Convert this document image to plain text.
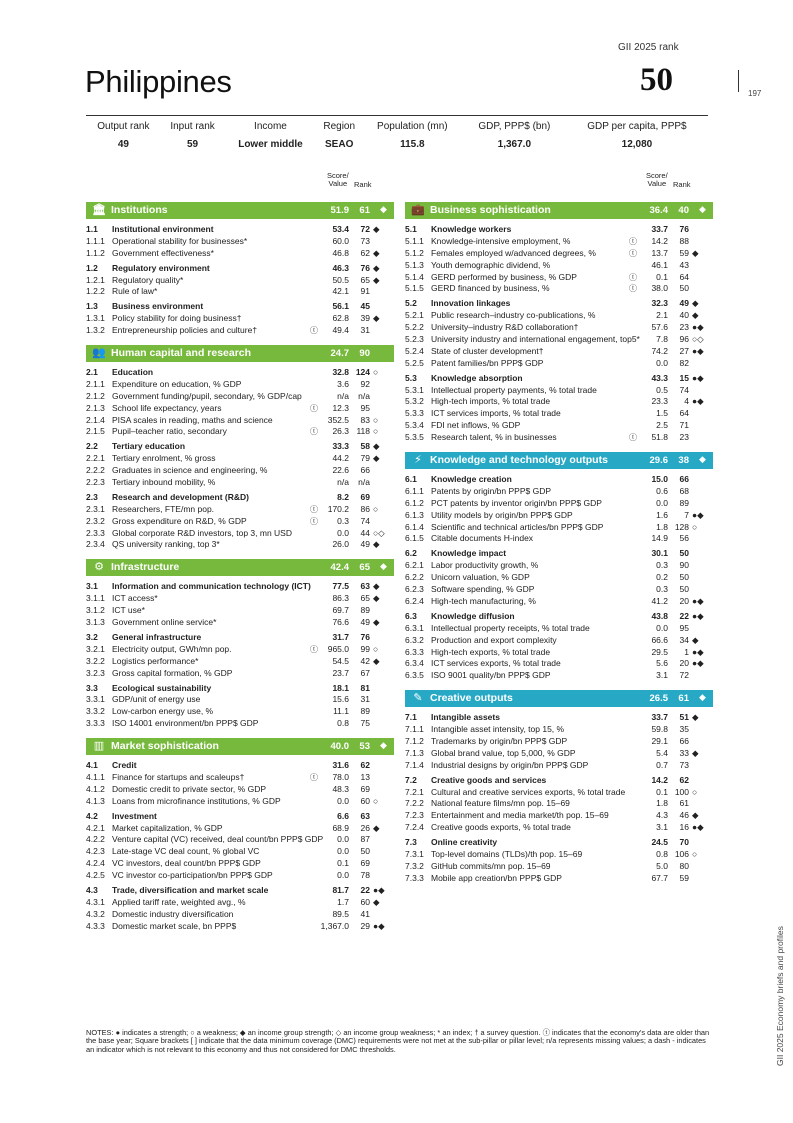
GII 2025 rank
Philippines	50	197
GII 2025 Economy briefs and profiles
Output rank	Input rank	Income	Region	Population (mn)	GDP, PPP$ (bn)	GDP per capita, PPP$
49	59	Lower middle	SEAO	115.8	1,367.0	12,080
Score/
Value Rank
🏛 Institutions	51.9	61 ◆
1.1 Institutional environment	53.4	72 ◆
1.1.1 Operational stability for businesses*	60.0	73
1.1.2 Government effectiveness*	46.8	62 ◆
1.2 Regulatory environment	46.3	76 ◆
1.2.1 Regulatory quality*	50.5	65 ◆
1.2.2 Rule of law*	42.1	91
1.3 Business environment	56.1	45
1.3.1 Policy stability for doing business†	62.8	39 ◆
1.3.2 Entrepreneurship policies and culture†	ⓣ	49.4	31
👥 Human capital and research	24.7	90
2.1 Education	32.8 124 ○
2.1.1 Expenditure on education, % GDP	3.6	92
2.1.2 Government funding/pupil, secondary, % GDP/cap	n/a	n/a
2.1.3 School life expectancy, years	ⓣ	12.3	95
2.1.4 PISA scales in reading, maths and science	352.5	83 ○
2.1.5 Pupil–teacher ratio, secondary	ⓣ	26.3 118 ○
2.2 Tertiary education	33.3	58 ◆
2.2.1 Tertiary enrolment, % gross	44.2	79 ◆
2.2.2 Graduates in science and engineering, %	22.6	66
2.2.3 Tertiary inbound mobility, %	n/a	n/a
2.3 Research and development (R&D)	8.2	69
2.3.1 Researchers, FTE/mn pop.	ⓣ	170.2	86 ○
2.3.2 Gross expenditure on R&D, % GDP	ⓣ	0.3	74
2.3.3 Global corporate R&D investors, top 3, mn USD	0.0	44 ○◇
2.3.4 QS university ranking, top 3*	26.0	49 ◆
⚙ Infrastructure	42.4	65 ◆
3.1 Information and communication technology (ICT)	77.5	63 ◆
3.1.1 ICT access*	86.3	65 ◆
3.1.2 ICT use*	69.7	89
3.1.3 Government online service*	76.6	49 ◆
3.2 General infrastructure	31.7	76
3.2.1 Electricity output, GWh/mn pop.	ⓣ	965.0	99 ○
3.2.2 Logistics performance*	54.5	42 ◆
3.2.3 Gross capital formation, % GDP	23.7	67
3.3 Ecological sustainability	18.1	81
3.3.1 GDP/unit of energy use	15.6	31
3.3.2 Low-carbon energy use, %	11.1	89
3.3.3 ISO 14001 environment/bn PPP$ GDP	0.8	75
▥ Market sophistication	40.0	53 ◆
4.1 Credit	31.6	62
4.1.1 Finance for startups and scaleups†	ⓣ	78.0	13
4.1.2 Domestic credit to private sector, % GDP	48.3	69
4.1.3 Loans from microfinance institutions, % GDP	0.0	60 ○
4.2 Investment	6.6	63
4.2.1 Market capitalization, % GDP	68.9	26 ◆
4.2.2 Venture capital (VC) received, deal count/bn PPP$ GDP	0.0	87
4.2.3 Late-stage VC deal count, % global VC	0.0	50
4.2.4 VC investors, deal count/bn PPP$ GDP	0.1	69
4.2.5 VC investor co-participation/bn PPP$ GDP	0.0	78
4.3 Trade, diversification and market scale	81.7	22 ●◆
4.3.1 Applied tariff rate, weighted avg., %	1.7	60 ◆
4.3.2 Domestic industry diversification	89.5	41
4.3.3 Domestic market scale, bn PPP$	1,367.0	29 ●◆
Score/
Value Rank
💼 Business sophistication	36.4	40 ◆
5.1 Knowledge workers	33.7	76
5.1.1 Knowledge-intensive employment, %	ⓣ	14.2	88
5.1.2 Females employed w/advanced degrees, %	ⓣ	13.7	59 ◆
5.1.3 Youth demographic dividend, %	46.1	43
5.1.4 GERD performed by business, % GDP	ⓣ	0.1	64
5.1.5 GERD financed by business, %	ⓣ	38.0	50
5.2 Innovation linkages	32.3	49 ◆
5.2.1 Public research–industry co-publications, %	2.1	40 ◆
5.2.2 University–industry R&D collaboration†	57.6	23 ●◆
5.2.3 University industry and international engagement, top5*	7.8	96 ○◇
5.2.4 State of cluster development†	74.2	27 ●◆
5.2.5 Patent families/bn PPP$ GDP	0.0	82
5.3 Knowledge absorption	43.3	15 ●◆
5.3.1 Intellectual property payments, % total trade	0.5	74
5.3.2 High-tech imports, % total trade	23.3	4 ●◆
5.3.3 ICT services imports, % total trade	1.5	64
5.3.4 FDI net inflows, % GDP	2.5	71
5.3.5 Research talent, % in businesses	ⓣ	51.8	23
⚡ Knowledge and technology outputs	29.6	38 ◆
6.1 Knowledge creation	15.0	66
6.1.1 Patents by origin/bn PPP$ GDP	0.6	68
6.1.2 PCT patents by inventor origin/bn PPP$ GDP	0.0	89
6.1.3 Utility models by origin/bn PPP$ GDP	1.6	7 ●◆
6.1.4 Scientific and technical articles/bn PPP$ GDP	1.8 128 ○
6.1.5 Citable documents H-index	14.9	56
6.2 Knowledge impact	30.1	50
6.2.1 Labor productivity growth, %	0.3	90
6.2.2 Unicorn valuation, % GDP	0.2	50
6.2.3 Software spending, % GDP	0.3	50
6.2.4 High-tech manufacturing, %	41.2	20 ●◆
6.3 Knowledge diffusion	43.8	22 ●◆
6.3.1 Intellectual property receipts, % total trade	0.0	95
6.3.2 Production and export complexity	66.6	34 ◆
6.3.3 High-tech exports, % total trade	29.5	1 ●◆
6.3.4 ICT services exports, % total trade	5.6	20 ●◆
6.3.5 ISO 9001 quality/bn PPP$ GDP	3.1	72
✎ Creative outputs	26.5	61 ◆
7.1 Intangible assets	33.7	51 ◆
7.1.1 Intangible asset intensity, top 15, %	59.8	35
7.1.2 Trademarks by origin/bn PPP$ GDP	29.1	66
7.1.3 Global brand value, top 5,000, % GDP	5.4	33 ◆
7.1.4 Industrial designs by origin/bn PPP$ GDP	0.7	73
7.2 Creative goods and services	14.2	62
7.2.1 Cultural and creative services exports, % total trade	0.1 100 ○
7.2.2 National feature films/mn pop. 15–69	1.8	61
7.2.3 Entertainment and media market/th pop. 15–69	4.3	46 ◆
7.2.4 Creative goods exports, % total trade	3.1	16 ●◆
7.3 Online creativity	24.5	70
7.3.1 Top-level domains (TLDs)/th pop. 15–69	0.8 106 ○
7.3.2 GitHub commits/mn pop. 15–69	5.0	80
7.3.3 Mobile app creation/bn PPP$ GDP	67.7	59
NOTES: ● indicates a strength; ○ a weakness; ◆ an income group strength; ◇ an income group weakness; * an index; † a survey question. ⓣ indicates that the economy's data are older than the base year; Square brackets [ ] indicate that the data minimum coverage (DMC) requirements were not met at the sub-pillar or pillar level; n/a represents missing values; a dash - indicates an indicator which is not relevant to this economy and thus not considered for DMC thresholds.
